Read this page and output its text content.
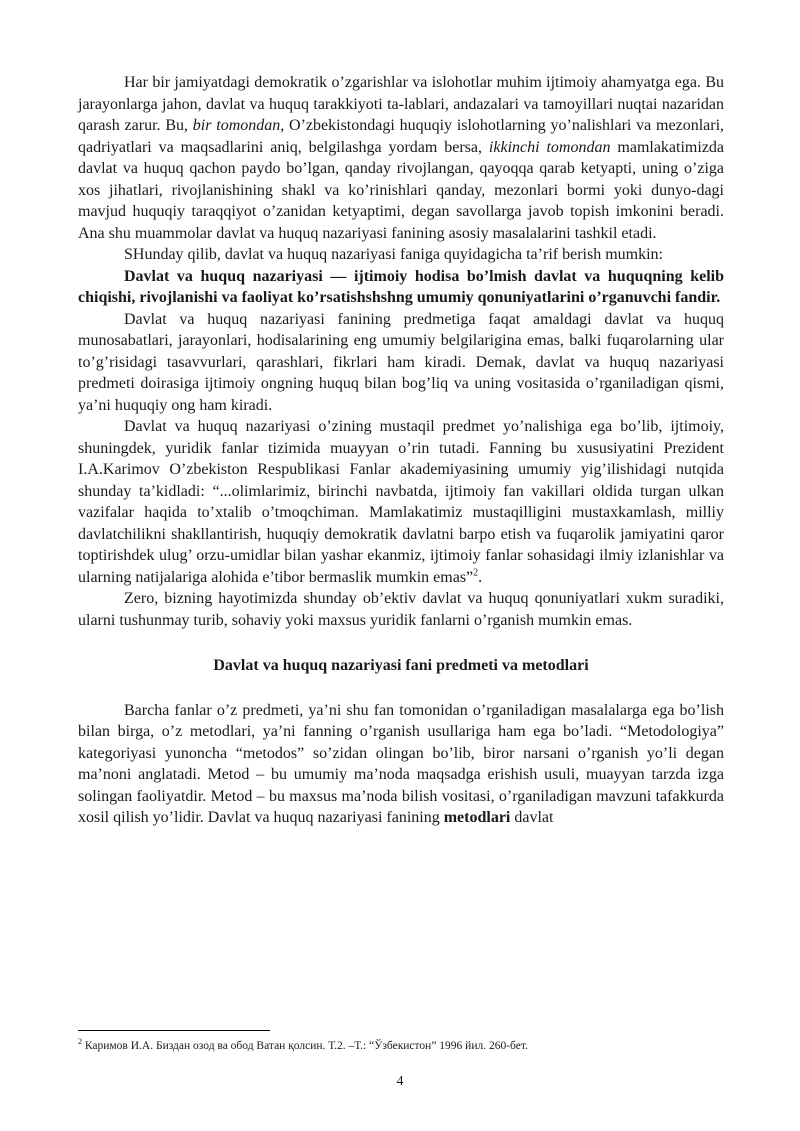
Har bir jamiyatdagi demokratik o’zgarishlar va islohotlar muhim ijtimoiy ahamyatga ega. Bu jarayonlarga jahon, davlat va huquq tarakkiyoti ta-lablari, andazalari va tamoyillari nuqtai nazaridan qarash zarur. Bu, bir tomondan, O’zbekistondagi huquqiy islohotlarning yo’nalishlari va mezonlari, qadriyatlari va maqsadlarini aniq, belgilashga yordam bersa, ikkinchi tomondan mamlakatimizda davlat va huquq qachon paydo bo’lgan, qanday rivojlangan, qayoqqa qarab ketyapti, uning o’ziga xos jihatlari, rivojlanishining shakl va ko’rinishlari qanday, mezonlari bormi yoki dunyo-dagi mavjud huquqiy taraqqiyot o’zanidan ketyaptimi, degan savollarga javob topish imkonini beradi. Ana shu muammolar davlat va huquq nazariyasi fanining asosiy masalalarini tashkil etadi.

SHunday qilib, davlat va huquq nazariyasi faniga quyidagicha ta’rif berish mumkin:

Davlat va huquq nazariyasi — ijtimoiy hodisa bo’lmish davlat va huquqning kelib chiqishi, rivojlanishi va faoliyat ko’rsatishshshng umumiy qonuniyatlarini o’rganuvchi fandir.

Davlat va huquq nazariyasi fanining predmetiga faqat amaldagi davlat va huquq munosabatlari, jarayonlari, hodisalarining eng umumiy belgilarigina emas, balki fuqarolarning ular to’g’risidagi tasavvurlari, qarashlari, fikrlari ham kiradi. Demak, davlat va huquq nazariyasi predmeti doirasiga ijtimoiy ongning huquq bilan bog’liq va uning vositasida o’rganiladigan qismi, ya’ni huquqiy ong ham kiradi.

Davlat va huquq nazariyasi o’zining mustaqil predmet yo’nalishiga ega bo’lib, ijtimoiy, shuningdek, yuridik fanlar tizimida muayyan o’rin tutadi. Fanning bu xususiyatini Prezident I.A.Karimov O’zbekiston Respublikasi Fanlar akademiyasining umumiy yig’ilishidagi nutqida shunday ta’kidladi: “...olimlarimiz, birinchi navbatda, ijtimoiy fan vakillari oldida turgan ulkan vazifalar haqida to’xtalib o’tmoqchiman. Mamlakatimiz mustaqilligini mustaxkamlash, milliy davlatchilikni shakllantirish, huquqiy demokratik davlatni barpo etish va fuqarolik jamiyatini qaror toptirishdek ulug’ orzu-umidlar bilan yashar ekanmiz, ijtimoiy fanlar sohasidagi ilmiy izlanishlar va ularning natijalariga alohida e’tibor bermaslik mumkin emas”$^2$.

Zero, bizning hayotimizda shunday ob’ektiv davlat va huquq qonuniyatlari xukm suradiki, ularni tushunmay turib, sohaviy yoki maxsus yuridik fanlarni o’rganish mumkin emas.

Davlat va huquq nazariyasi fani predmeti va metodlari

Barcha fanlar o’z predmeti, ya’ni shu fan tomonidan o’rganiladigan masalalarga ega bo’lish bilan birga, o’z metodlari, ya’ni fanning o’rganish usullariga ham ega bo’ladi. “Metodologiya” kategoriyasi yunoncha “metodos” so’zidan olingan bo’lib, biror narsani o’rganish yo’li degan ma’noni anglatadi. Metod – bu umumiy ma’noda maqsadga erishish usuli, muayyan tarzda izga solingan faoliyatdir. Metod – bu maxsus ma’noda bilish vositasi, o’rganiladigan mavzuni tafakkurda xosil qilish yo’lidir. Davlat va huquq nazariyasi fanining metodlari davlat

$^2$ Каримов И.А. Биздан озод ва обод Ватан қолсин. Т.2. –Т.: “Ўзбекистон” 1996 йил. 260-бет.
4
